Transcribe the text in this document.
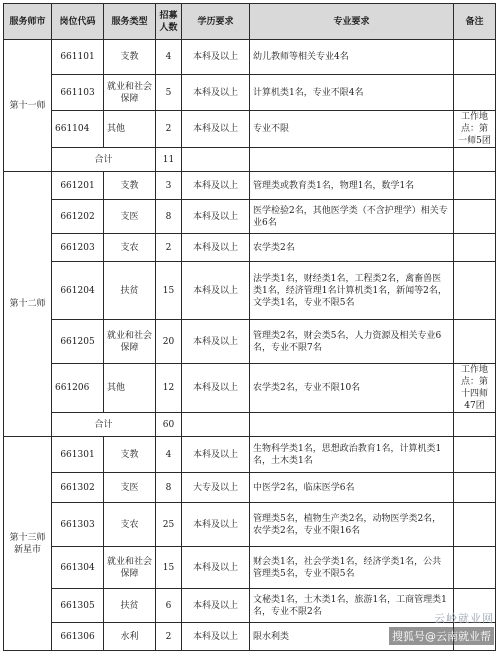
服务师市	岗位代码	服务类型	招募人数	学历要求	专业要求	备注
第十一师	661101	支教	4	本科及以上	幼儿教师等相关专业4名	
	661103	就业和社会保障	5	本科及以上	计算机类1名，专业不限4名	
	661104	其他	2	本科及以上	专业不限	工作地点：第一师5团
	合计		11			
第十二师	661201	支教	3	本科及以上	管理类或教育类1名，物理1名，数学1名	
	661202	支医	8	本科及以上	医学检验2名，其他医学类（不含护理学）相关专业6名	
	661203	支农	2	本科及以上	农学类2名	
	661204	扶贫	15	本科及以上	法学类1名，财经类1名，工程类2名，禽畜兽医类1名，经济管理1名计算机类1名，新闻等2名，文学类1名，专业不限5名	
	661205	就业和社会保障	20	本科及以上	管理类2名，财会类5名，人力资源及相关专业6名，专业不限7名	
	661206	其他	12	本科及以上	农学类2名，专业不限10名	工作地点：第十四师47团
	合计		60			
第十三师新星市	661301	支教	4	本科及以上	生物科学类1名，思想政治教育1名，计算机类1名，土木类1名	
	661302	支医	8	大专及以上	中医学2名，临床医学6名	
	661303	支农	25	本科及以上	管理类5名，植物生产类2名，动物医学类2名，农学类2名，专业不限16名	
	661304	就业和社会保障	15	本科及以上	财会类1名，社会学类1名，经济学类1名，公共管理类5名，专业不限5名	
	661305	扶贫	6	本科及以上	文秘类1名，土木类1名，旅游1名，工商管理类1名，专业不限2名	
	661306	水利	2	本科及以上	限水利类	
云岭就业网
搜狐号@云南就业帮
